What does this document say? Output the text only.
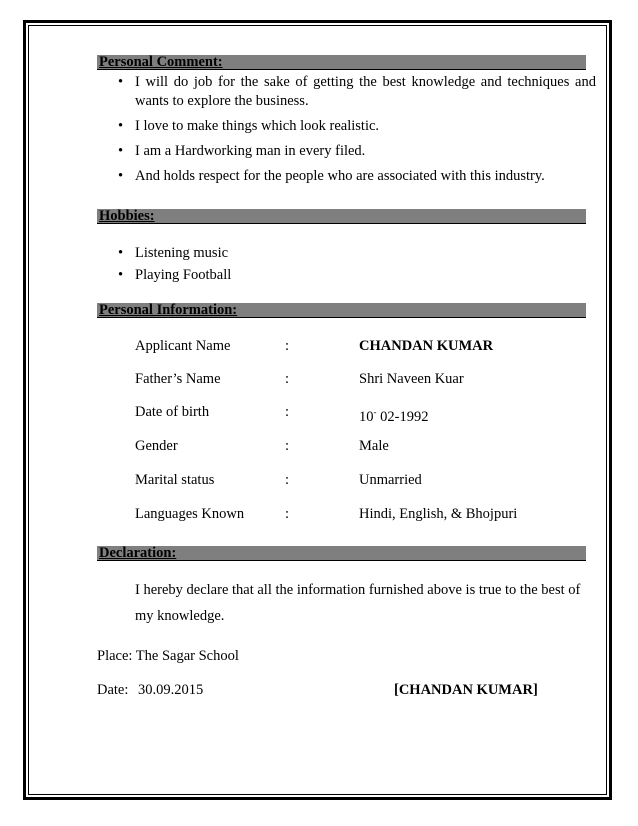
Personal Comment:
• I will do job for the sake of getting the best knowledge and techniques and wants to explore the business.
• I love to make things which look realistic.
• I am a Hardworking man in every filed.
• And holds respect for the people who are associated with this industry.
Hobbies:
• Listening music
• Playing Football
Personal Information:
Applicant Name	:	CHANDAN KUMAR
Father’s Name	:	Shri Naveen Kuar
Date of birth	:	10- 02-1992
Gender	:	Male
Marital status	:	Unmarried
Languages Known	:	Hindi, English, & Bhojpuri
Declaration:
I hereby declare that all the information furnished above is true to the best of my knowledge.
Place: The Sagar School
Date: 30.09.2015	[CHANDAN KUMAR]
